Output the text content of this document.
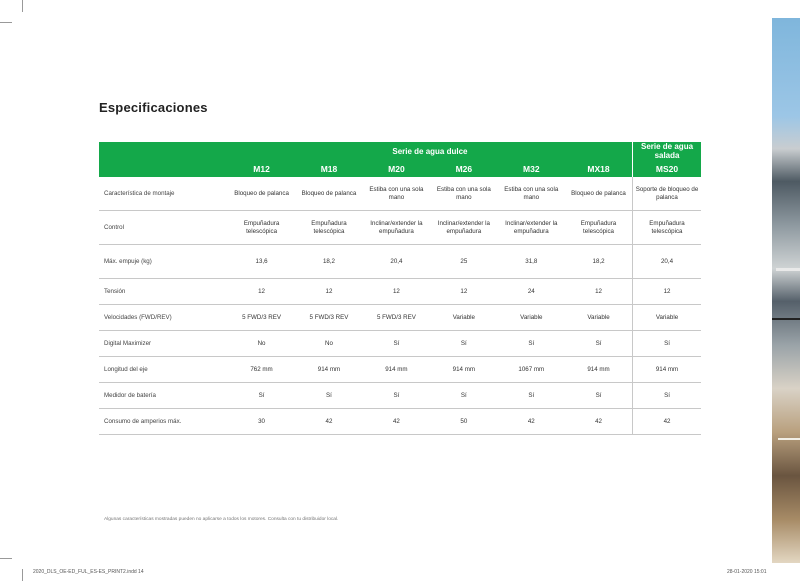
Especificaciones
	Serie de agua dulce						Serie de agua salada
	M12	M18	M20	M26	M32	MX18	MS20
Característica de montaje	Bloqueo de palanca	Bloqueo de palanca	Estiba con una sola mano	Estiba con una sola mano	Estiba con una sola mano	Bloqueo de palanca	Soporte de bloqueo de palanca
Control	Empuñadura telescópica	Empuñadura telescópica	Inclinar/extender la empuñadura	Inclinar/extender la empuñadura	Inclinar/extender la empuñadura	Empuñadura telescópica	Empuñadura telescópica
Máx. empuje (kg)	13,6	18,2	20,4	25	31,8	18,2	20,4
Tensión	12	12	12	12	24	12	12
Velocidades (FWD/REV)	5 FWD/3 REV	5 FWD/3 REV	5 FWD/3 REV	Variable	Variable	Variable	Variable
Digital Maximizer	No	No	Sí	Sí	Sí	Sí	Sí
Longitud del eje	762 mm	914 mm	914 mm	914 mm	1067 mm	914 mm	914 mm
Medidor de batería	Sí	Sí	Sí	Sí	Sí	Sí	Sí
Consumo de amperios máx.	30	42	42	50	42	42	42
Algunas características mostradas pueden no aplicarse a todos los motores. Consulta con tu distribuidor local.
2020_DLS_OE-ED_FUL_ES-ES_PRINT2.indd 14	28-01-2020 15:01
